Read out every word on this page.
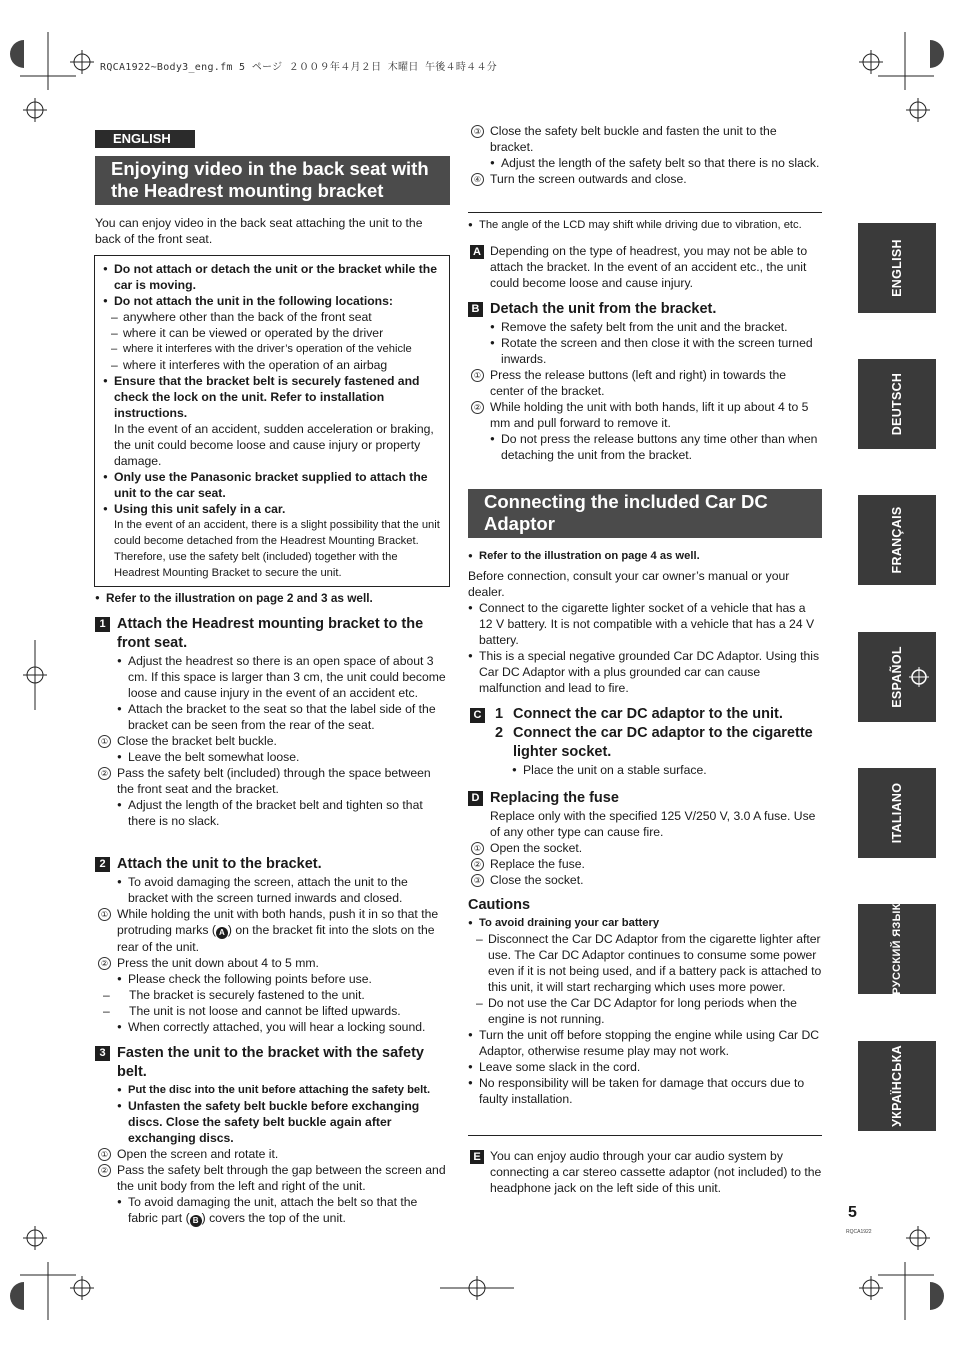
RQCA1922~Body3_eng.fm 5 ページ ２００９年４月２日 木曜日 午後４時４４分
ENGLISH
Enjoying video in the back seat with the Headrest mounting bracket

You can enjoy video in the back seat attaching the unit to the back of the front seat.

● Do not attach or detach the unit or the bracket while the car is moving.
● Do not attach the unit in the following locations:
– anywhere other than the back of the front seat
– where it can be viewed or operated by the driver
– where it interferes with the driver’s operation of the vehicle
– where it interferes with the operation of an airbag
● Ensure that the bracket belt is securely fastened and check the lock on the unit. Refer to installation instructions.
In the event of an accident, sudden acceleration or braking, the unit could become loose and cause injury or property damage.
● Only use the Panasonic bracket supplied to attach the unit to the car seat.
● Using this unit safely in a car.
In the event of an accident, there is a slight possibility that the unit could become detached from the Headrest Mounting Bracket. Therefore, use the safety belt (included) together with the Headrest Mounting Bracket to secure the unit.
● Refer to the illustration on page 2 and 3 as well.
1 Attach the Headrest mounting bracket to the front seat.
● Adjust the headrest so there is an open space of about 3 cm. If this space is larger than 3 cm, the unit could become loose and cause injury in the event of an accident etc.
● Attach the bracket to the seat so that the label side of the bracket can be seen from the rear of the seat.
① Close the bracket belt buckle.
● Leave the belt somewhat loose.
② Pass the safety belt (included) through the space between the front seat and the bracket.
● Adjust the length of the bracket belt and tighten so that there is no slack.
2 Attach the unit to the bracket.
● To avoid damaging the screen, attach the unit to the bracket with the screen turned inwards and closed.
① While holding the unit with both hands, push it in so that the protruding marks ( A ) on the bracket fit into the slots on the rear of the unit.
② Press the unit down about 4 to 5 mm.
● Please check the following points before use.
– The bracket is securely fastened to the unit.
– The unit is not loose and cannot be lifted upwards.
● When correctly attached, you will hear a locking sound.
3 Fasten the unit to the bracket with the safety belt.
● Put the disc into the unit before attaching the safety belt.
● Unfasten the safety belt buckle before exchanging discs. Close the safety belt buckle again after exchanging discs.
① Open the screen and rotate it.
② Pass the safety belt through the gap between the screen and the unit body from the left and right of the unit.
● To avoid damaging the unit, attach the belt so that the fabric part ( B ) covers the top of the unit.
③ Close the safety belt buckle and fasten the unit to the bracket.
● Adjust the length of the safety belt so that there is no slack.
④ Turn the screen outwards and close.
● The angle of the LCD may shift while driving due to vibration, etc.
A Depending on the type of headrest, you may not be able to attach the bracket. In the event of an accident etc., the unit could become loose and cause injury.
B Detach the unit from the bracket.
● Remove the safety belt from the unit and the bracket.
● Rotate the screen and then close it with the screen turned inwards.
① Press the release buttons (left and right) in towards the center of the bracket.
② While holding the unit with both hands, lift it up about 4 to 5 mm and pull forward to remove it.
● Do not press the release buttons any time other than when detaching the unit from the bracket.
Connecting the included Car DC Adaptor
● Refer to the illustration on page 4 as well.

Before connection, consult your car owner’s manual or your dealer.

● Connect to the cigarette lighter socket of a vehicle that has a 12 V battery. It is not compatible with a vehicle that has a 24 V battery.
● This is a special negative grounded Car DC Adaptor. Using this Car DC Adaptor with a plus grounded car can cause malfunction and lead to fire.
C 1 Connect the car DC adaptor to the unit.
2 Connect the car DC adaptor to the cigarette lighter socket.
● Place the unit on a stable surface.
D Replacing the fuse
Replace only with the specified 125 V/250 V, 3.0 A fuse. Use of any other type can cause fire.
① Open the socket.
② Replace the fuse.
③ Close the socket.
Cautions
● To avoid draining your car battery
– Disconnect the Car DC Adaptor from the cigarette lighter after use. The Car DC Adaptor continues to consume some power even if it is not being used, and if a battery pack is attached to this unit, it will start recharging which uses more power.
– Do not use the Car DC Adaptor for long periods when the engine is not running.
● Turn the unit off before stopping the engine while using Car DC Adaptor, otherwise resume play may not work.
● Leave some slack in the cord.
● No responsibility will be taken for damage that occurs due to faulty installation.
E You can enjoy audio through your car audio system by connecting a car stereo cassette adaptor (not included) to the headphone jack on the left side of this unit.
ENGLISH
DEUTSCH
FRANÇAIS
ESPAÑOL
ITALIANO
РУССКИЙ ЯЗЫК
УКРАЇНСЬКА
5
RQCA1922
